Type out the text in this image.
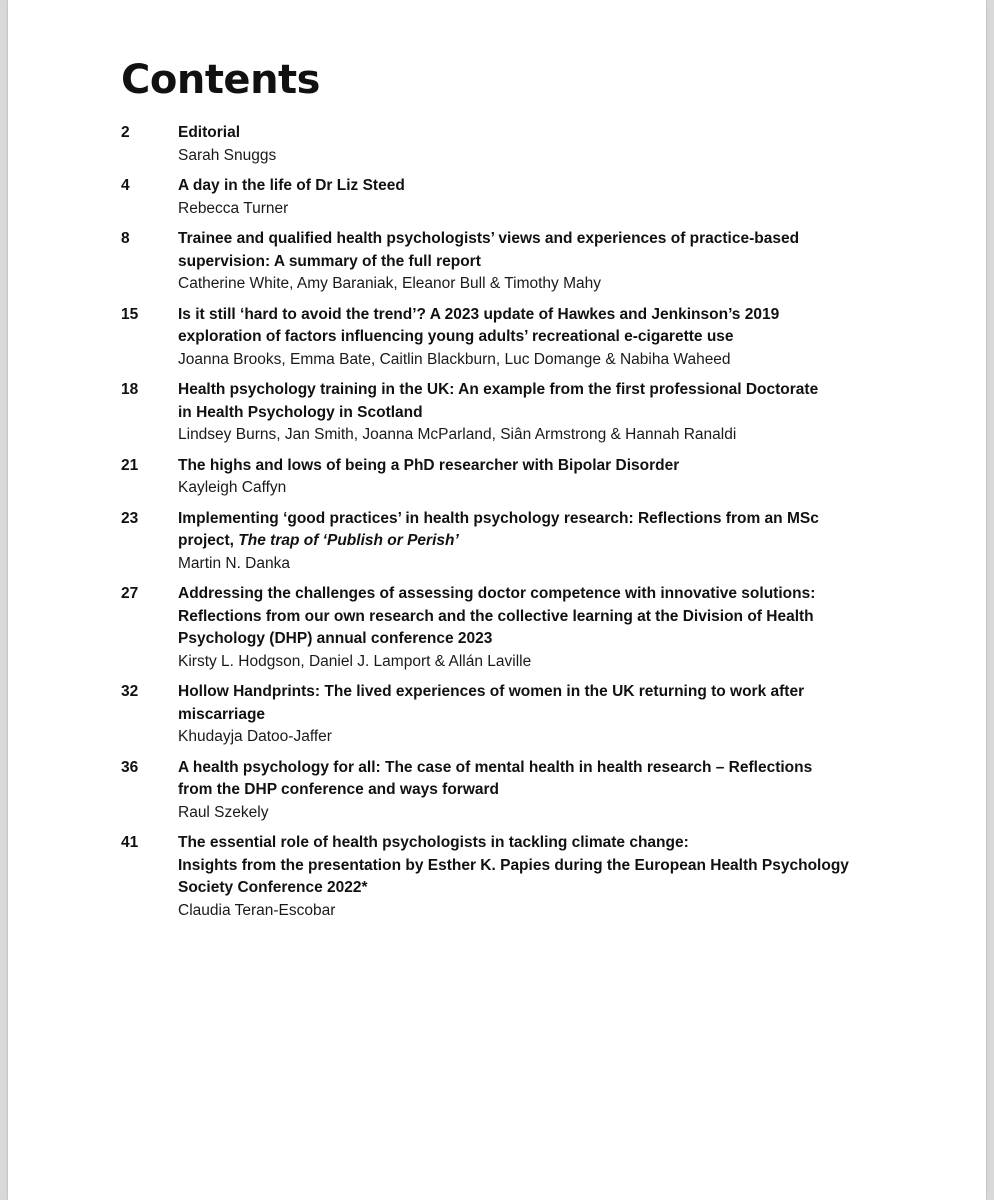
Contents
2	Editorial
Sarah Snuggs
4	A day in the life of Dr Liz Steed
Rebecca Turner
8	Trainee and qualified health psychologists’ views and experiences of practice-based
supervision: A summary of the full report
Catherine White, Amy Baraniak, Eleanor Bull & Timothy Mahy
15	Is it still ‘hard to avoid the trend’? A 2023 update of Hawkes and Jenkinson’s 2019
exploration of factors influencing young adults’ recreational e-cigarette use
Joanna Brooks, Emma Bate, Caitlin Blackburn, Luc Domange & Nabiha Waheed
18	Health psychology training in the UK: An example from the first professional Doctorate
in Health Psychology in Scotland
Lindsey Burns, Jan Smith, Joanna McParland, Siân Armstrong & Hannah Ranaldi
21	The highs and lows of being a PhD researcher with Bipolar Disorder
Kayleigh Caffyn
23	Implementing ‘good practices’ in health psychology research: Reflections from an MSc
project, The trap of ‘Publish or Perish’
Martin N. Danka
27	Addressing the challenges of assessing doctor competence with innovative solutions:
Reflections from our own research and the collective learning at the Division of Health
Psychology (DHP) annual conference 2023
Kirsty L. Hodgson, Daniel J. Lamport & Allán Laville
32	Hollow Handprints: The lived experiences of women in the UK returning to work after
miscarriage
Khudayja Datoo-Jaffer
36	A health psychology for all: The case of mental health in health research – Reflections
from the DHP conference and ways forward
Raul Szekely
41	The essential role of health psychologists in tackling climate change:
Insights from the presentation by Esther K. Papies during the European Health Psychology
Society Conference 2022*
Claudia Teran-Escobar
